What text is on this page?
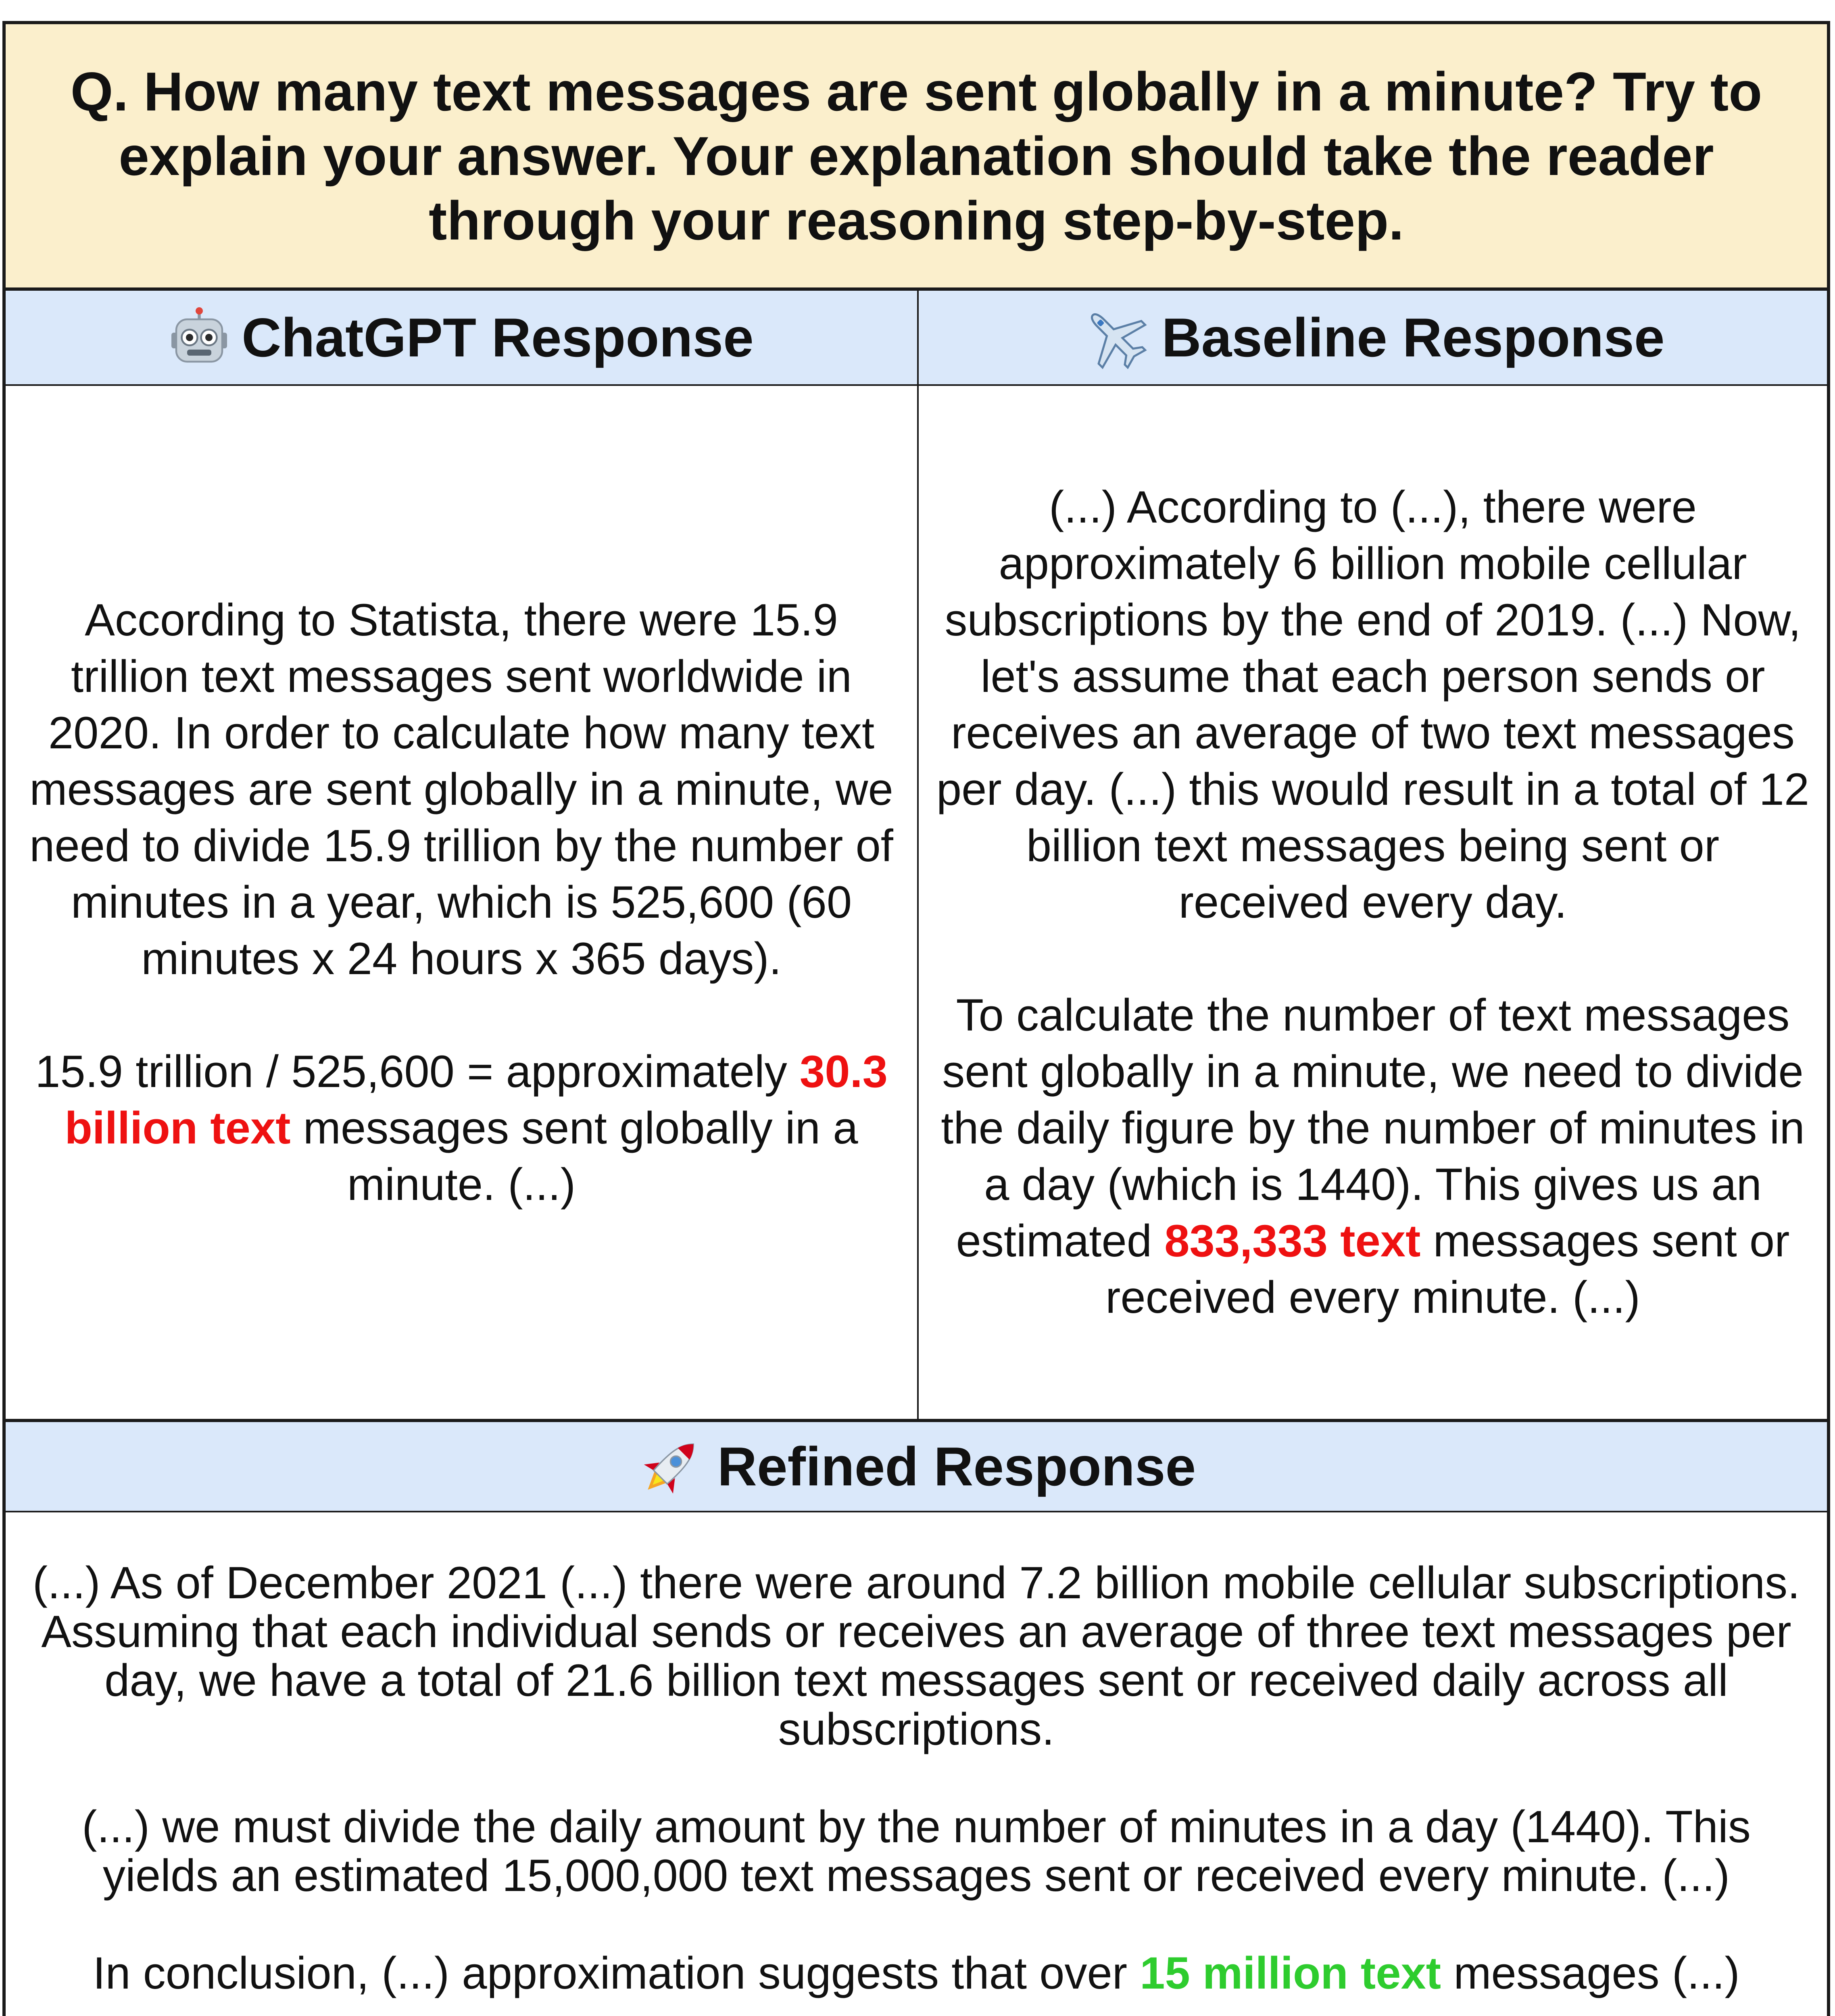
Q. How many text messages are sent globally in a minute? Try to explain your answer. Your explanation should take the reader through your reasoning step-by-step.
ChatGPT Response	Baseline Response

According to Statista, there were 15.9 trillion text messages sent worldwide in 2020. In order to calculate how many text messages are sent globally in a minute, we need to divide 15.9 trillion by the number of minutes in a year, which is 525,600 (60 minutes x 24 hours x 365 days).

15.9 trillion / 525,600 = approximately 30.3 billion text messages sent globally in a minute. (...)

(...) According to (...), there were approximately 6 billion mobile cellular subscriptions by the end of 2019. (...) Now, let's assume that each person sends or receives an average of two text messages per day. (...) this would result in a total of 12 billion text messages being sent or received every day.

To calculate the number of text messages sent globally in a minute, we need to divide the daily figure by the number of minutes in a day (which is 1440). This gives us an estimated 833,333 text messages sent or received every minute. (...)

Refined Response

(...) As of December 2021 (...) there were around 7.2 billion mobile cellular subscriptions. Assuming that each individual sends or receives an average of three text messages per day, we have a total of 21.6 billion text messages sent or received daily across all subscriptions.

(...) we must divide the daily amount by the number of minutes in a day (1440). This yields an estimated 15,000,000 text messages sent or received every minute. (...)

In conclusion, (...) approximation suggests that over 15 million text messages (...)
